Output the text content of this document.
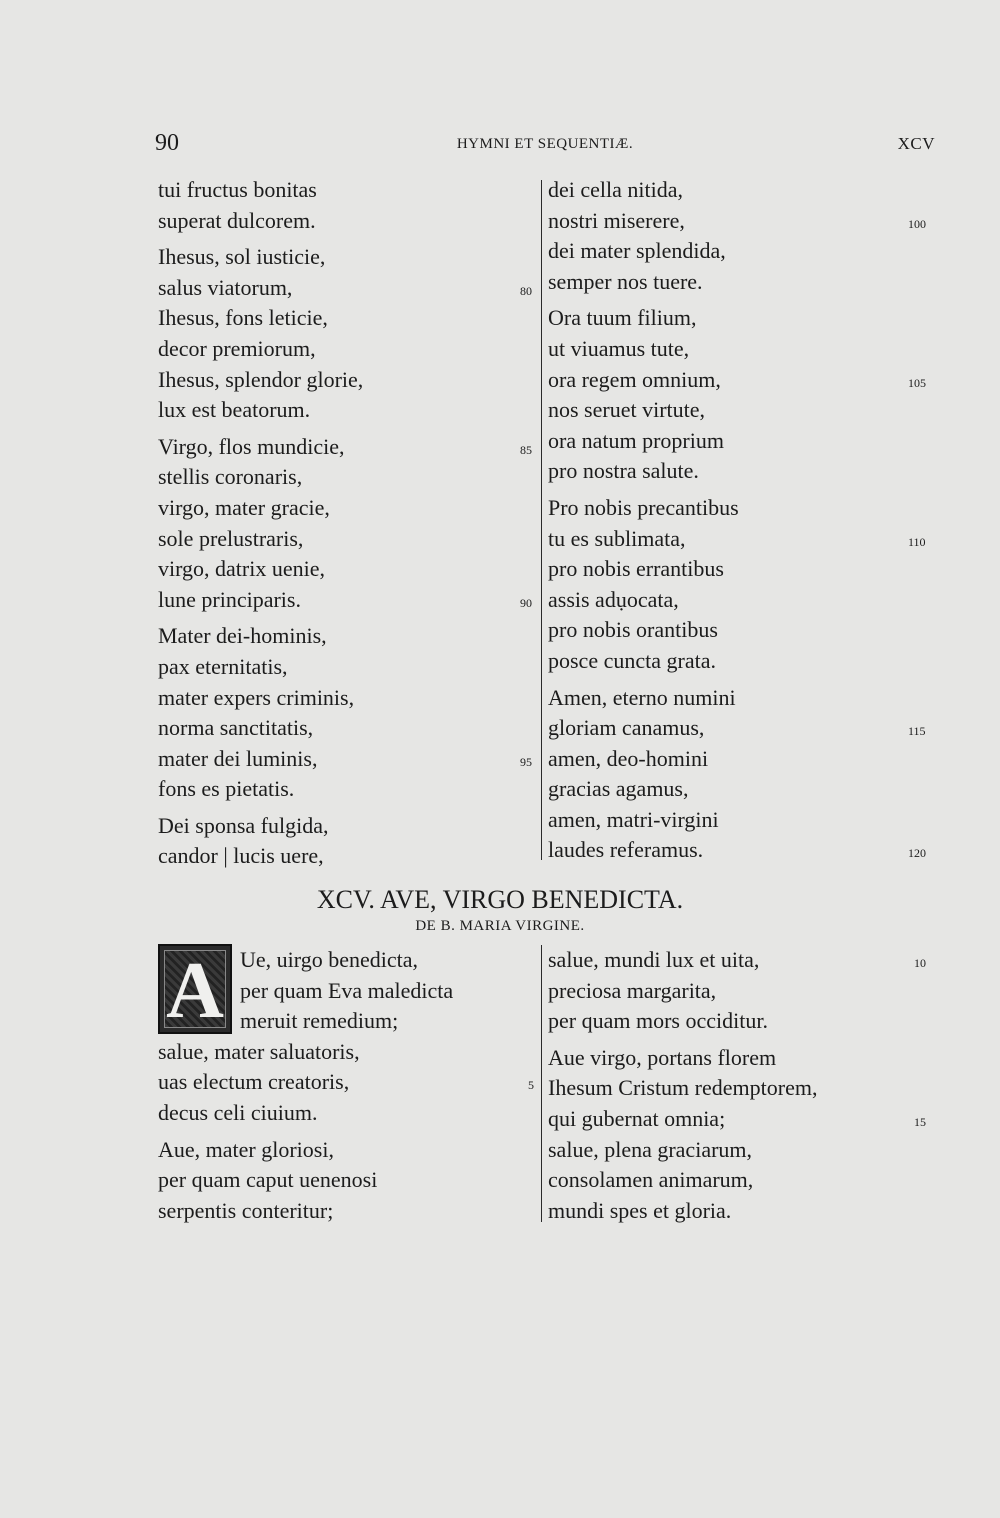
90	HYMNI ET SEQUENTIÆ.	XCV
tui fructus bonitas
superat dulcorem.
Ihesus, sol iusticie,
salus viatorum,	80
Ihesus, fons leticie,
decor premiorum,
Ihesus, splendor glorie,
lux est beatorum.
Virgo, flos mundicie,	85
stellis coronaris,
virgo, mater gracie,
sole prelustraris,
virgo, datrix uenie,
lune principaris.	90
Mater dei-hominis,
pax eternitatis,
mater expers criminis,
norma sanctitatis,
mater dei luminis,	95
fons es pietatis.
Dei sponsa fulgida,
candor | lucis uere,
dei cella nitida,
nostri miserere,	100
dei mater splendida,
semper nos tuere.
Ora tuum filium,
ut viuamus tute,
ora regem omnium,	105
nos seruet virtute,
ora natum proprium
pro nostra salute.
Pro nobis precantibus
tu es sublimata,	110
pro nobis errantibus
assis adụocata,
pro nobis orantibus
posce cuncta grata.
Amen, eterno numini
gloriam canamus,	115
amen, deo-homini
gracias agamus,
amen, matri-virgini
laudes referamus.	120
XCV. AVE, VIRGO BENEDICTA.
DE B. MARIA VIRGINE.
A Ue, uirgo benedicta,
per quam Eva maledicta
meruit remedium;
salue, mater saluatoris,
uas electum creatoris,	5
decus celi ciuium.
Aue, mater gloriosi,
per quam caput uenenosi
serpentis conteritur;
salue, mundi lux et uita,	10
preciosa margarita,
per quam mors occiditur.
Aue virgo, portans florem
Ihesum Cristum redemptorem,
qui gubernat omnia;	15
salue, plena graciarum,
consolamen animarum,
mundi spes et gloria.
